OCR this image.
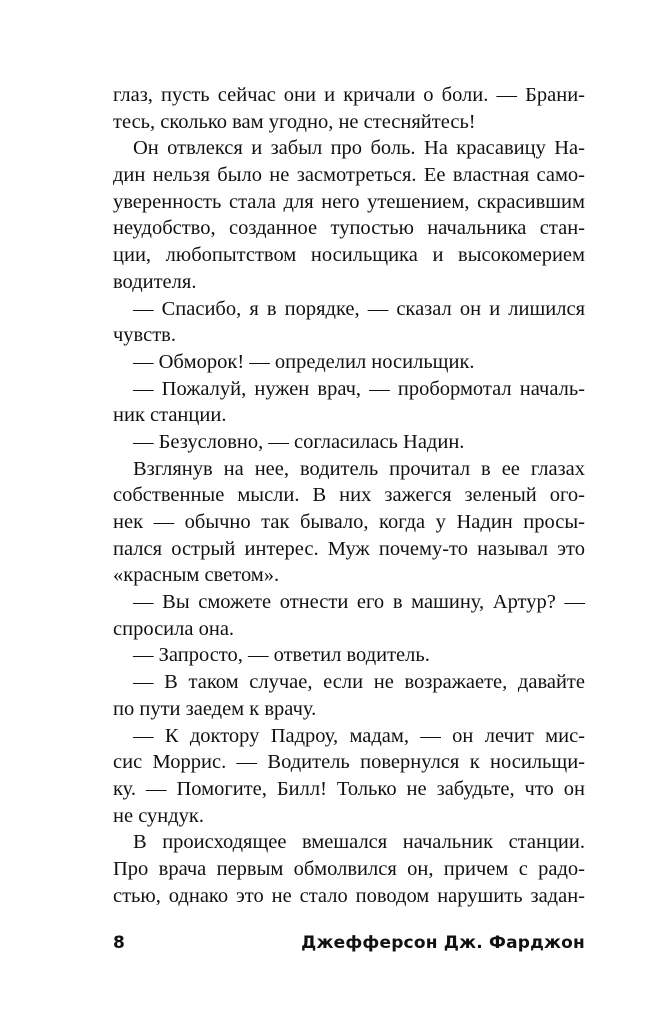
глаз, пусть сейчас они и кричали о боли. — Брани-
тесь, сколько вам угодно, не стесняйтесь!
Он отвлекся и забыл про боль. На красавицу На-
дин нельзя было не засмотреться. Ее властная само-
уверенность стала для него утешением, скрасившим
неудобство, созданное тупостью начальника стан-
ции, любопытством носильщика и высокомерием
водителя.
— Спасибо, я в порядке, — сказал он и лишился
чувств.
— Обморок! — определил носильщик.
— Пожалуй, нужен врач, — пробормотал началь-
ник станции.
— Безусловно, — согласилась Надин.
Взглянув на нее, водитель прочитал в ее глазах
собственные мысли. В них зажегся зеленый ого-
нек — обычно так бывало, когда у Надин просы-
пался острый интерес. Муж почему-то называл это
«красным светом».
— Вы сможете отнести его в машину, Артур? —
спросила она.
— Запросто, — ответил водитель.
— В таком случае, если не возражаете, давайте
по пути заедем к врачу.
— К доктору Падроу, мадам, — он лечит мис-
сис Моррис. — Водитель повернулся к носильщи-
ку. — Помогите, Билл! Только не забудьте, что он
не сундук.
В происходящее вмешался начальник станции.
Про врача первым обмолвился он, причем с радо-
стью, однако это не стало поводом нарушить задан-
8	Джефферсон Дж. Фарджон
